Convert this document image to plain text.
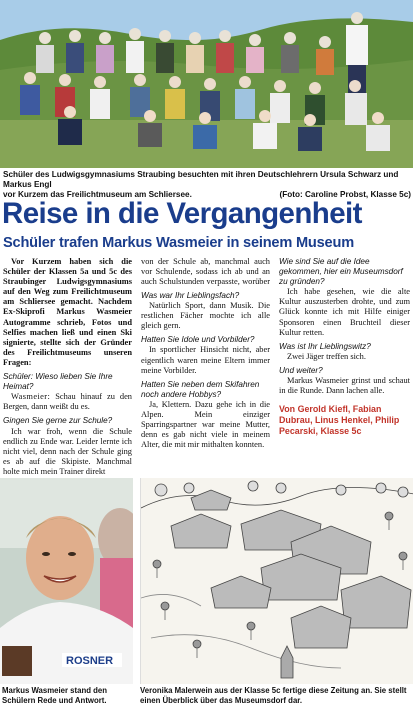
Schüler des Ludwigsgymnasiums Straubing besuchten mit ihren Deutschlehrern Ursula Schwarz und Markus Engl
vor Kurzem das Freilichtmuseum am Schliersee.	(Foto: Caroline Probst, Klasse 5c)
Reise in die Vergangenheit
Schüler trafen Markus Wasmeier in seinem Museum

Vor Kurzem haben sich die Schüler der Klassen 5a und 5c des Straubinger Ludwigsgymnasiums auf den Weg zum Freilichtmuseum am Schliersee gemacht. Nachdem Ex-Skiprofi Markus Wasmeier Autogramme schrieb, Fotos und Selfies machen ließ und einen Ski signierte, stellte sich der Gründer des Freilichtmuseums unseren Fragen:

Schüler: Wieso lieben Sie Ihre Heimat?

Wasmeier: Schau hinauf zu den Bergen, dann weißt du es.

Gingen Sie gerne zur Schule?

Ich war froh, wenn die Schule endlich zu Ende war. Leider lernte ich nicht viel, denn nach der Schule ging es ab auf die Skipiste. Manchmal holte mich mein Trainer direkt

von der Schule ab, manchmal auch vor Schulende, sodass ich ab und an auch Schulstunden verpasste, worüber

Was war Ihr Lieblingsfach?

Natürlich Sport, dann Musik. Die restlichen Fächer mochte ich alle gleich gern.

Hatten Sie Idole und Vorbilder?

In sportlicher Hinsicht nicht, aber eigentlich waren meine Eltern immer meine Vorbilder.

Hatten Sie neben dem Skifahren noch andere Hobbys?

Ja, Klettern. Dazu gehe ich in die Alpen. Mein einziger Sparringspartner war meine Mutter, denn es gab nicht viele in meinem Alter, die mit mir mithalten konnten.

Wie sind Sie auf die Idee gekommen, hier ein Museumsdorf zu gründen?

Ich habe gesehen, wie die alte Kultur auszusterben drohte, und zum Glück konnte ich mit Hilfe einiger Sponsoren einen Bruchteil dieser Kultur retten.

Was ist Ihr Lieblingswitz?

Zwei Jäger treffen sich.

Und weiter?

Markus Wasmeier grinst und schaut in die Runde. Dann lachen alle.

Von Gerold Kiefl, Fabian Dubrau, Linus Henkel, Philip Pecarski, Klasse 5c

ROSNER
Markus Wasmeier stand den Schülern Rede und Antwort.
Veronika Malerwein aus der Klasse 5c fertige diese Zeitung an. Sie stellt einen Überblick über das Museumsdorf dar.
